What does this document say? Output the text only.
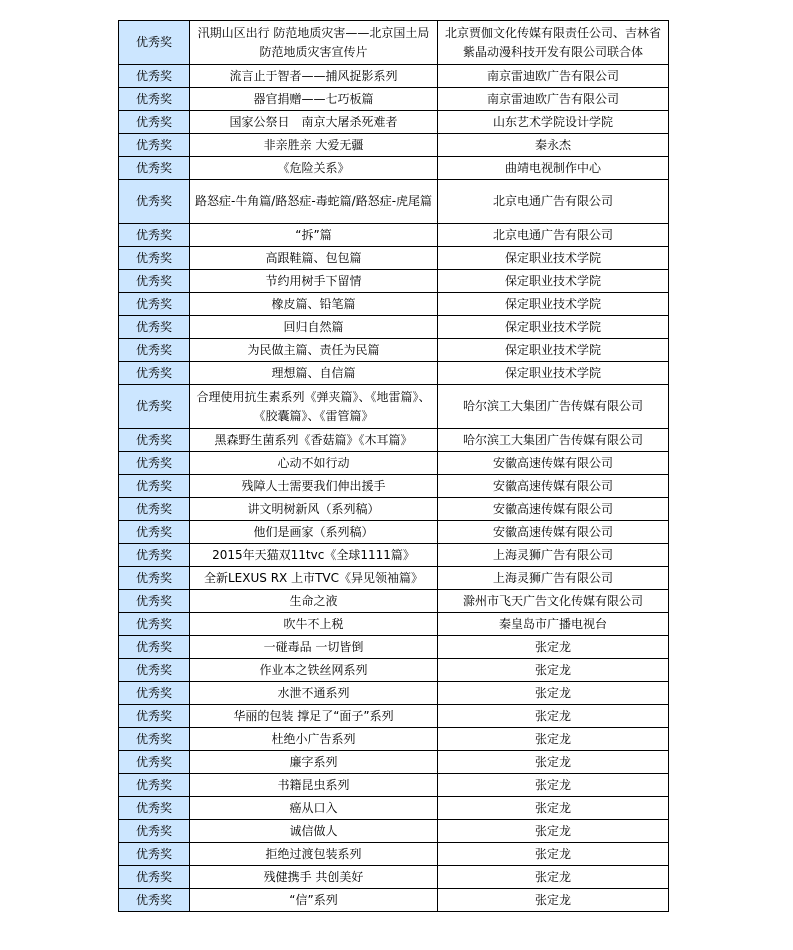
优秀奖	汛期山区出行 防范地质灾害——北京国土局防范地质灾害宣传片	北京贾伽文化传媒有限责任公司、吉林省紫晶动漫科技开发有限公司联合体
优秀奖	流言止于智者——捕风捉影系列	南京雷迪欧广告有限公司
优秀奖	器官捐赠——七巧板篇	南京雷迪欧广告有限公司
优秀奖	国家公祭日　南京大屠杀死难者	山东艺术学院设计学院
优秀奖	非亲胜亲 大爱无疆	秦永杰
优秀奖	《危险关系》	曲靖电视制作中心
优秀奖	路怒症-牛角篇/路怒症-毒蛇篇/路怒症-虎尾篇	北京电通广告有限公司
优秀奖	“拆”篇	北京电通广告有限公司
优秀奖	高跟鞋篇、包包篇	保定职业技术学院
优秀奖	节约用树手下留情	保定职业技术学院
优秀奖	橡皮篇、铅笔篇	保定职业技术学院
优秀奖	回归自然篇	保定职业技术学院
优秀奖	为民做主篇、责任为民篇	保定职业技术学院
优秀奖	理想篇、自信篇	保定职业技术学院
优秀奖	合理使用抗生素系列《弹夹篇》、《地雷篇》、《胶囊篇》、《雷管篇》	哈尔滨工大集团广告传媒有限公司
优秀奖	黑森野生菌系列《香菇篇》《木耳篇》	哈尔滨工大集团广告传媒有限公司
优秀奖	心动不如行动	安徽高速传媒有限公司
优秀奖	残障人士需要我们伸出援手	安徽高速传媒有限公司
优秀奖	讲文明树新风（系列稿）	安徽高速传媒有限公司
优秀奖	他们是画家（系列稿）	安徽高速传媒有限公司
优秀奖	2015年天猫双11tvc《全球1111篇》	上海灵狮广告有限公司
优秀奖	全新LEXUS RX 上市TVC《异见领袖篇》	上海灵狮广告有限公司
优秀奖	生命之液	滁州市飞天广告文化传媒有限公司
优秀奖	吹牛不上税	秦皇岛市广播电视台
优秀奖	一碰毒品 一切皆倒	张定龙
优秀奖	作业本之铁丝网系列	张定龙
优秀奖	水泄不通系列	张定龙
优秀奖	华丽的包装 撑足了“面子”系列	张定龙
优秀奖	杜绝小广告系列	张定龙
优秀奖	廉字系列	张定龙
优秀奖	书籍昆虫系列	张定龙
优秀奖	癌从口入	张定龙
优秀奖	诚信做人	张定龙
优秀奖	拒绝过渡包装系列	张定龙
优秀奖	残健携手 共创美好	张定龙
优秀奖	“信”系列	张定龙
